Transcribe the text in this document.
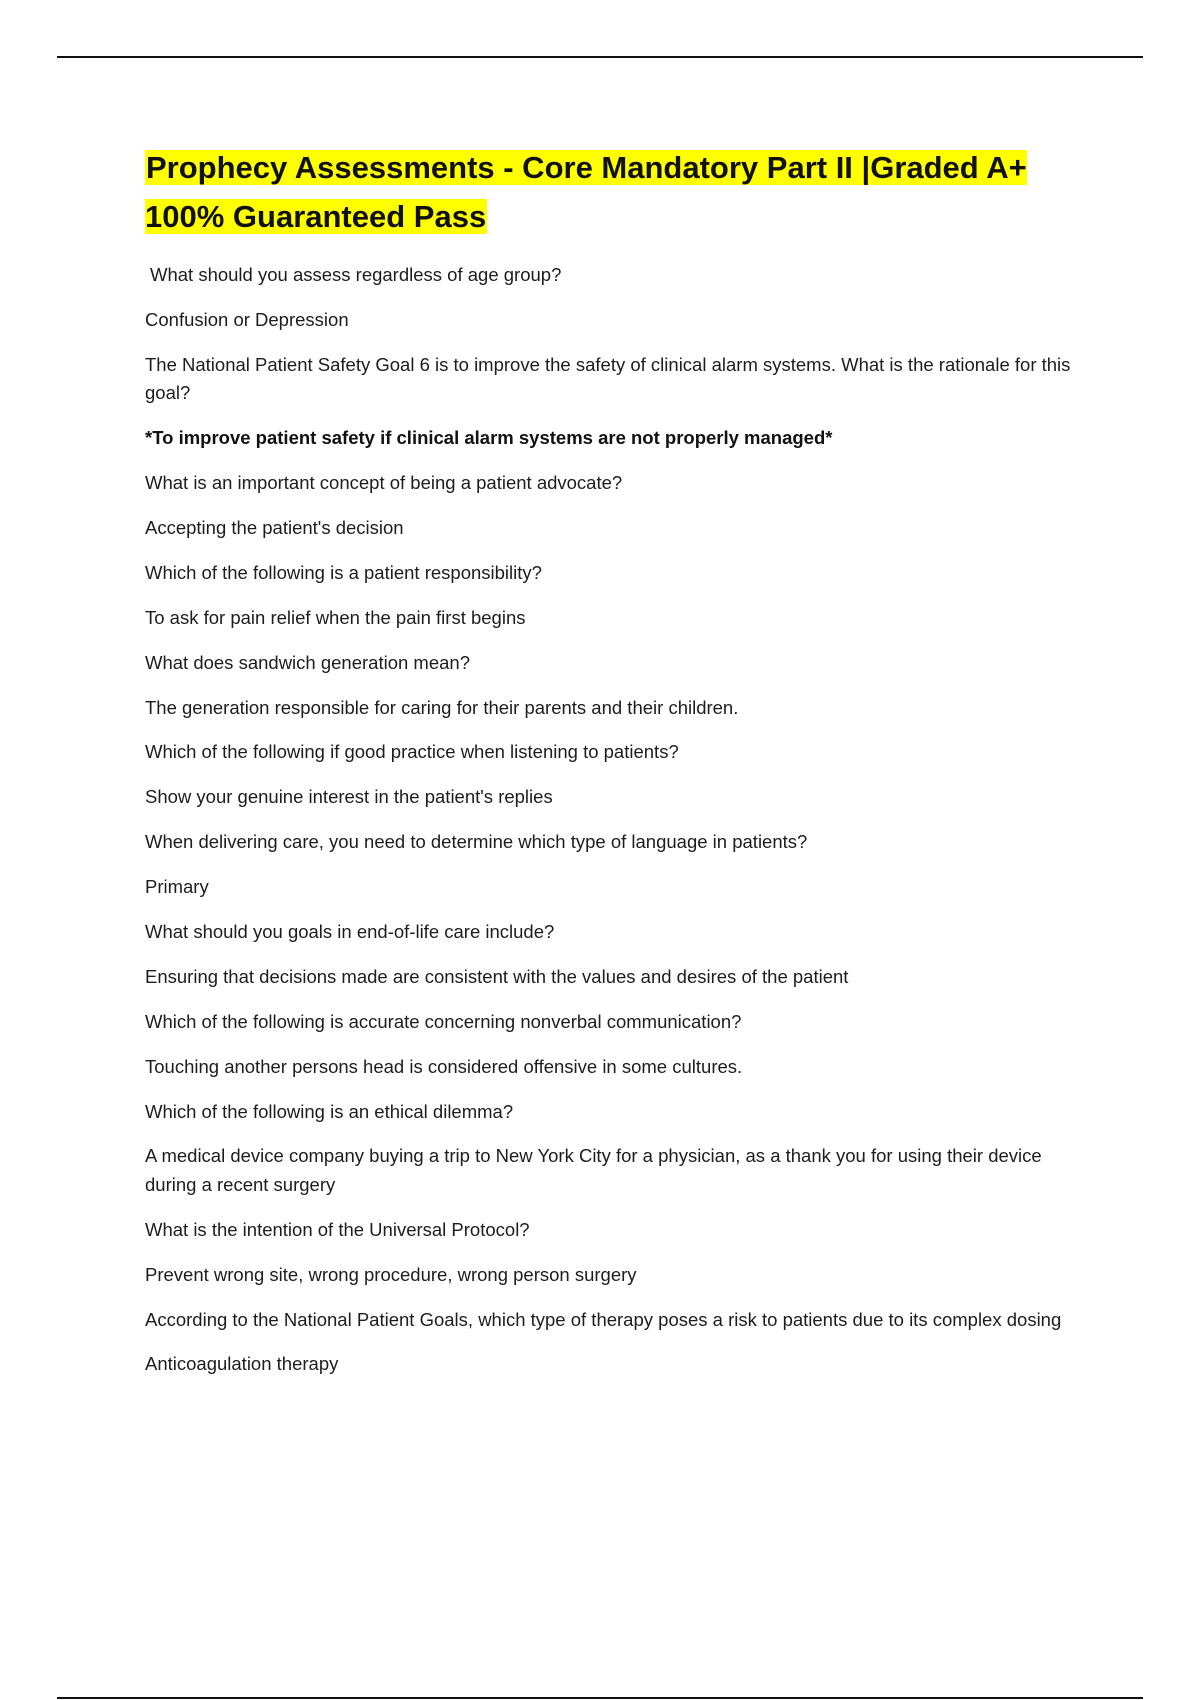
Prophecy Assessments - Core Mandatory Part II |Graded A+ 100% Guaranteed Pass

What should you assess regardless of age group?

Confusion or Depression

The National Patient Safety Goal 6 is to improve the safety of clinical alarm systems. What is the rationale for this goal?

*To improve patient safety if clinical alarm systems are not properly managed*

What is an important concept of being a patient advocate?

Accepting the patient's decision

Which of the following is a patient responsibility?

To ask for pain relief when the pain first begins

What does sandwich generation mean?

The generation responsible for caring for their parents and their children.

Which of the following if good practice when listening to patients?

Show your genuine interest in the patient's replies

When delivering care, you need to determine which type of language in patients?

Primary

What should you goals in end-of-life care include?

Ensuring that decisions made are consistent with the values and desires of the patient

Which of the following is accurate concerning nonverbal communication?

Touching another persons head is considered offensive in some cultures.

Which of the following is an ethical dilemma?

A medical device company buying a trip to New York City for a physician, as a thank you for using their device during a recent surgery

What is the intention of the Universal Protocol?

Prevent wrong site, wrong procedure, wrong person surgery

According to the National Patient Goals, which type of therapy poses a risk to patients due to its complex dosing

Anticoagulation therapy
